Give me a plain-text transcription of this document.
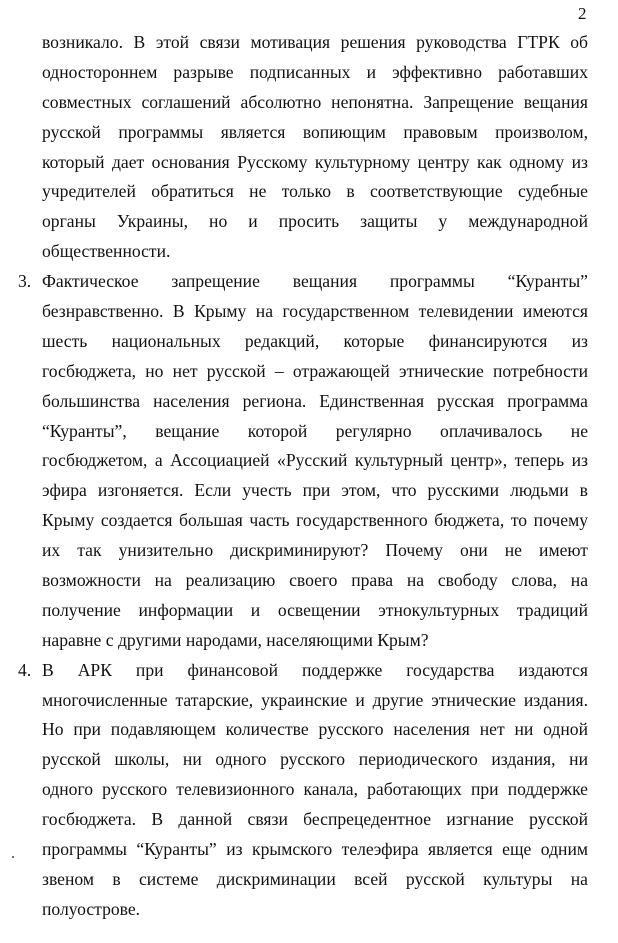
2
возникало. В этой связи мотивация решения руководства ГТРК об
одностороннем разрыве подписанных и эффективно работавших
совместных соглашений абсолютно непонятна. Запрещение вещания
русской программы является вопиющим правовым произволом,
который дает основания Русскому культурному центру как одному из
учредителей обратиться не только в соответствующие судебные
органы Украины, но и просить защиты у международной
общественности.
3. Фактическое запрещение вещания программы “Куранты”
безнравственно. В Крыму на государственном телевидении имеются
шесть национальных редакций, которые финансируются из
госбюджета, но нет русской – отражающей этнические потребности
большинства населения региона. Единственная русская программа
“Куранты”, вещание которой регулярно оплачивалось не
госбюджетом, а Ассоциацией «Русский культурный центр», теперь из
эфира изгоняется. Если учесть при этом, что русскими людьми в
Крыму создается большая часть государственного бюджета, то почему
их так унизительно дискриминируют? Почему они не имеют
возможности на реализацию своего права на свободу слова, на
получение информации и освещении этнокультурных традиций
наравне с другими народами, населяющими Крым?
4. В АРК при финансовой поддержке государства издаются
многочисленные татарские, украинские и другие этнические издания.
Но при подавляющем количестве русского населения нет ни одной
русской школы, ни одного русского периодического издания, ни
одного русского телевизионного канала, работающих при поддержке
госбюджета. В данной связи беспрецедентное изгнание русской
программы “Куранты” из крымского телеэфира является еще одним
звеном в системе дискриминации всей русской культуры на
полуострове.
